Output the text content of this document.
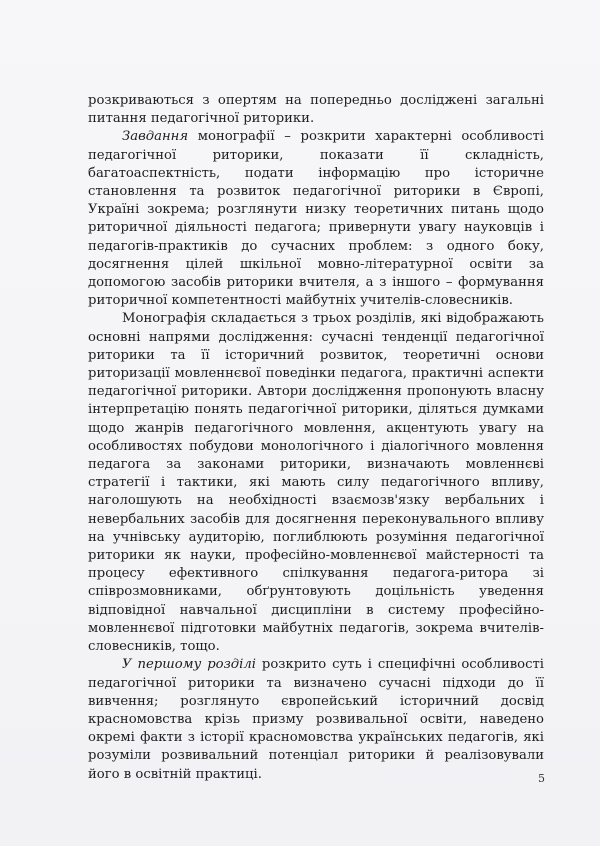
розкриваються з опертям на попередньо досліджені загальні питання педагогічної риторики.

Завдання монографії – розкрити характерні особливості педагогічної риторики, показати її складність, багатоаспектність, подати інформацію про історичне становлення та розвиток педагогічної риторики в Європі, Україні зокрема; розглянути низку теоретичних питань щодо риторичної діяльності педагога; привернути увагу науковців і педагогів-практиків до сучасних проблем: з одного боку, досягнення цілей шкільної мовно-літературної освіти за допомогою засобів риторики вчителя, а з іншого – формування риторичної компетентності майбутніх учителів-словесників.

Монографія складається з трьох розділів, які відображають основні напрями дослідження: сучасні тенденції педагогічної риторики та її історичний розвиток, теоретичні основи риторизації мовленнєвої поведінки педагога, практичні аспекти педагогічної риторики. Автори дослідження пропонують власну інтерпретацію понять педагогічної риторики, діляться думками щодо жанрів педагогічного мовлення, акцентують увагу на особливостях побудови монологічного і діалогічного мовлення педагога за законами риторики, визначають мовленнєві стратегії і тактики, які мають силу педагогічного впливу, наголошують на необхідності взаємозв'язку вербальних і невербальних засобів для досягнення переконувального впливу на учнівську аудиторію, поглиблюють розуміння педагогічної риторики як науки, професійно-мовленнєвої майстерності та процесу ефективного спілкування педагога-ритора зі співрозмовниками, обґрунтовують доцільність уведення відповідної навчальної дисципліни в систему професійно-мовленнєвої підготовки майбутніх педагогів, зокрема вчителів-словесників, тощо.

У першому розділі розкрито суть і специфічні особливості педагогічної риторики та визначено сучасні підходи до її вивчення; розглянуто європейський історичний досвід красномовства крізь призму розвивальної освіти, наведено окремі факти з історії красномовства українських педагогів, які розуміли розвивальний потенціал риторики й реалізовували його в освітній практиці.	5
